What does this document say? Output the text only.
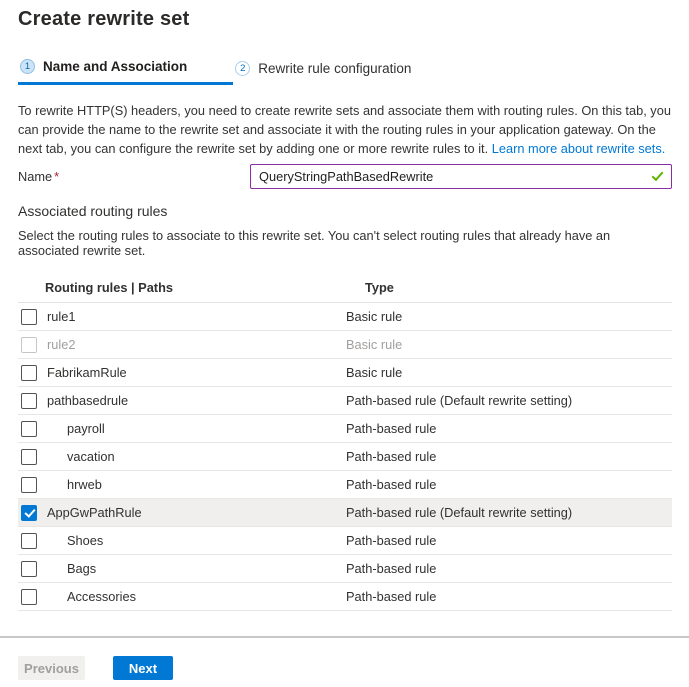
Create rewrite set
1 Name and Association	2 Rewrite rule configuration

To rewrite HTTP(S) headers, you need to create rewrite sets and associate them with routing rules. On this tab, you can provide the name to the rewrite set and associate it with the routing rules in your application gateway. On the next tab, you can configure the rewrite set by adding one or more rewrite rules to it. Learn more about rewrite sets.

Name *
QueryStringPathBasedRewrite
Associated routing rules

Select the routing rules to associate to this rewrite set. You can't select routing rules that already have an associated rewrite set.

Routing rules | Paths	Type
rule1	Basic rule
rule2	Basic rule
FabrikamRule	Basic rule
pathbasedrule	Path-based rule (Default rewrite setting)
payroll	Path-based rule
vacation	Path-based rule
hrweb	Path-based rule
AppGwPathRule	Path-based rule (Default rewrite setting)
Shoes	Path-based rule
Bags	Path-based rule
Accessories	Path-based rule
Previous	Next
